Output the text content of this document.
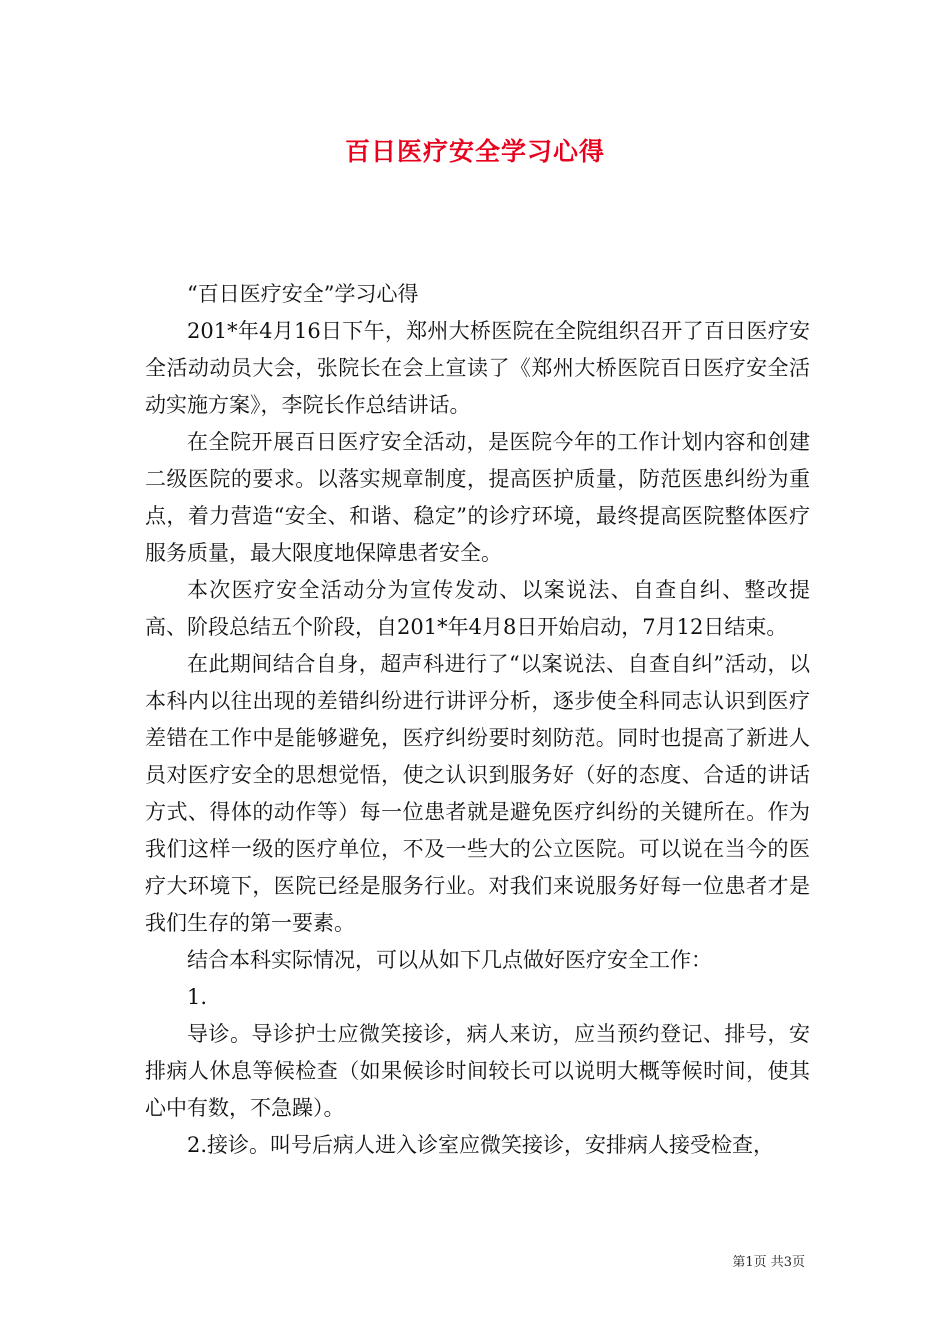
百日医疗安全学习心得

“百日医疗安全”学习心得

201*年4月16日下午，郑州大桥医院在全院组织召开了百日医疗安全活动动员大会，张院长在会上宣读了《郑州大桥医院百日医疗安全活动实施方案》，李院长作总结讲话。

在全院开展百日医疗安全活动，是医院今年的工作计划内容和创建二级医院的要求。以落实规章制度，提高医护质量，防范医患纠纷为重点，着力营造“安全、和谐、稳定”的诊疗环境，最终提高医院整体医疗服务质量，最大限度地保障患者安全。

本次医疗安全活动分为宣传发动、以案说法、自查自纠、整改提高、阶段总结五个阶段，自201*年4月8日开始启动，7月12日结束。

在此期间结合自身，超声科进行了“以案说法、自查自纠”活动，以本科内以往出现的差错纠纷进行讲评分析，逐步使全科同志认识到医疗差错在工作中是能够避免，医疗纠纷要时刻防范。同时也提高了新进人员对医疗安全的思想觉悟，使之认识到服务好（好的态度、合适的讲话方式、得体的动作等）每一位患者就是避免医疗纠纷的关键所在。作为我们这样一级的医疗单位，不及一些大的公立医院。可以说在当今的医疗大环境下，医院已经是服务行业。对我们来说服务好每一位患者才是我们生存的第一要素。

结合本科实际情况，可以从如下几点做好医疗安全工作：

1.

导诊。导诊护士应微笑接诊，病人来访，应当预约登记、排号，安排病人休息等候检查（如果候诊时间较长可以说明大概等候时间，使其心中有数，不急躁）。

2.接诊。叫号后病人进入诊室应微笑接诊，安排病人接受检查，

第1页 共3页
